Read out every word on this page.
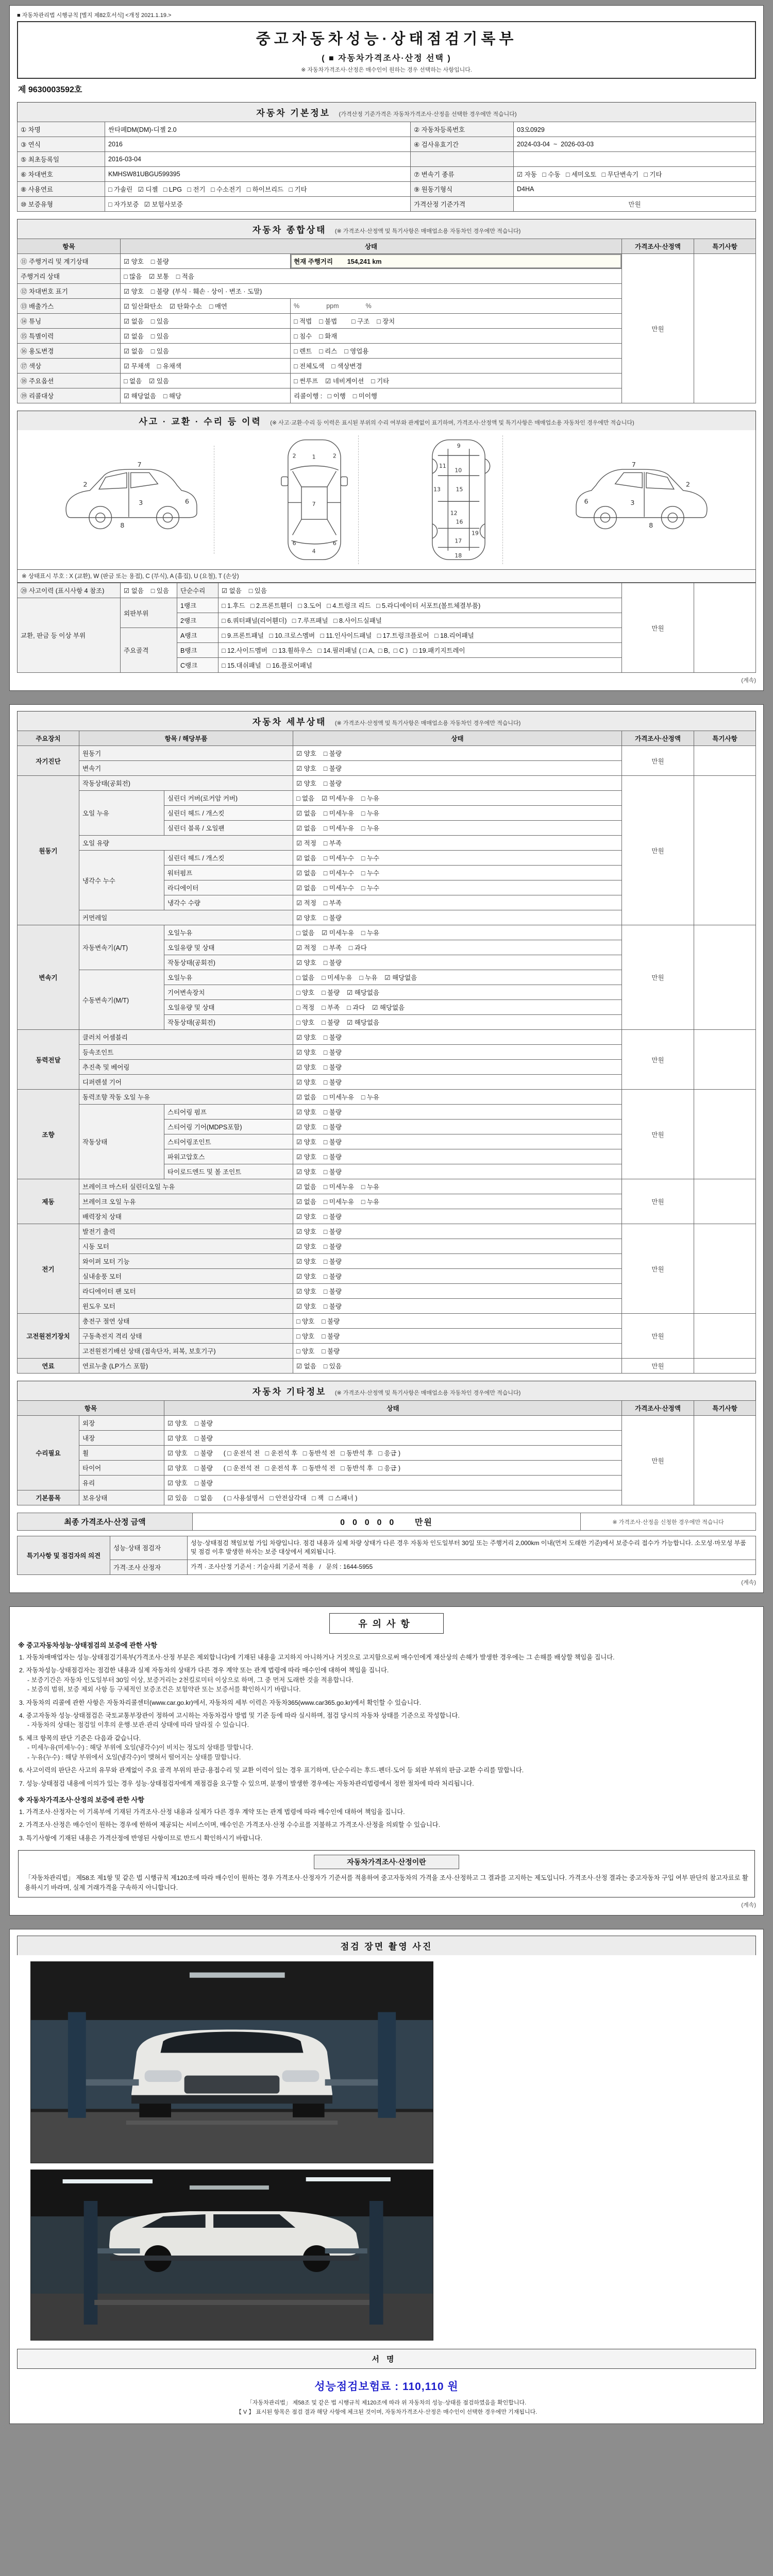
■ 자동차관리법 시행규칙 [별지 제82호서식] <개정 2021.1.19.>
중고자동차성능·상태점검기록부
( ■ 자동차가격조사·산정 선택 )
※ 자동차가격조사·산정은 매수인이 원하는 경우 선택하는 사항입니다.
제 9630003592호
자동차 기본정보 (가격산정 기준가격은 자동차가격조사·산정을 선택한 경우에만 적습니다)
① 차명	싼타페DM(DM)-디젤 2.0	② 자동차등록번호	03오0929
③ 연식	2016	④ 검사유효기간	2024-03-04  ~  2026-03-03
⑤ 최초등록일	2016-03-04		
⑥ 차대번호	KMHSW81UBGU599395	⑦ 변속기 종류	☑ 자동   □ 수동   □ 세미오토   □ 무단변속기   □ 기타
⑧ 사용연료	□ 가솔린   ☑ 디젤   □ LPG   □ 전기   □ 수소전기   □ 하이브리드   □ 기타	⑨ 원동기형식	D4HA
⑩ 보증유형	□ 자가보증   ☑ 보험사보증	가격산정 기준가격	만원
자동차 종합상태 (※ 가격조사·산정액 및 특기사항은 매매업소용 자동차인 경우에만 적습니다)
항목	상태		가격조사·산정액	특기사항
⑪ 주행거리 및 계기상태	☑ 양호    □ 불량	현재 주행거리        154,241 km	만원	
주행거리 상태	□ 많음    ☑ 보통    □ 적음			
⑫ 차대번호 표기	☑ 양호    □ 불량  (부식 · 훼손 · 상이 · 변조 · 도말)			
⑬ 배출가스	☑ 일산화탄소    ☑ 탄화수소    □ 매연	%               ppm               %		
⑭ 튜닝	☑ 없음    □ 있음	□ 적법    □ 불법        □ 구조    □ 장치		
⑮ 특별이력	☑ 없음    □ 있음	□ 침수    □ 화재		
⑯ 용도변경	☑ 없음    □ 있음	□ 렌트    □ 리스    □ 영업용		
⑰ 색상	☑ 무채색    □ 유채색	□ 전체도색    □ 색상변경		
⑱ 주요옵션	□ 없음    ☑ 있음	□ 썬루프    ☑ 네비게이션    □ 기타		
⑲ 리콜대상	☑ 해당없음    □ 해당	리콜이행 :   □ 이행    □ 미이행		
사고 · 교환 · 수리 등 이력 (※ 사고·교환·수리 등 이력은 표시된 부위의 수리 여부와 관계없이 표기하며, 가격조사·산정액 및 특기사항은 매매업소용 자동차인 경우에만 적습니다)
2
3	6
7
8
1
7
4
2	2
6	6
9
10
11
12
13	15
16
17
18
19
2
3
6
7
8
※ 상태표시 부호 : X (교환), W (판금 또는 용접), C (부식), A (흠집), U (요철), T (손상)
⑳ 사고이력 (표시사항 4 참조)	☑ 없음    □ 있음	단순수리	☑ 없음    □ 있음	만원	
교환, 판금 등 이상 부위	외판부위	1랭크	□ 1.후드   □ 2.프론트휀더   □ 3.도어   □ 4.트렁크 리드   □ 5.라디에이터 서포트(볼트체결부품)		
		2랭크	□ 6.쿼터패널(리어휀더)   □ 7.루프패널   □ 8.사이드실패널		
	주요골격	A랭크	□ 9.프론트패널   □ 10.크로스멤버   □ 11.인사이드패널   □ 17.트렁크플로어   □ 18.리어패널		
		B랭크	□ 12.사이드멤버   □ 13.휠하우스   □ 14.필러패널 ( □ A,  □ B,  □ C )   □ 19.패키지트레이		
		C랭크	□ 15.대쉬패널   □ 16.플로어패널		
(계속)
자동차 세부상태 (※ 가격조사·산정액 및 특기사항은 매매업소용 자동차인 경우에만 적습니다)
주요장치	항목 / 해당부품		상태	가격조사·산정액	특기사항
자기진단	원동기		☑ 양호    □ 불량	만원	
	변속기		☑ 양호    □ 불량		
원동기	작동상태(공회전)		☑ 양호    □ 불량	만원	
	오일 누유	실린더 커버(로커암 커버)	□ 없음    ☑ 미세누유    □ 누유		
		실린더 헤드 / 개스킷	☑ 없음    □ 미세누유    □ 누유		
		실린더 블록 / 오일팬	☑ 없음    □ 미세누유    □ 누유		
	오일 유량		☑ 적정    □ 부족		
	냉각수 누수	실린더 헤드 / 개스킷	☑ 없음    □ 미세누수    □ 누수		
		워터펌프	☑ 없음    □ 미세누수    □ 누수		
		라디에이터	☑ 없음    □ 미세누수    □ 누수		
		냉각수 수량	☑ 적정    □ 부족		
	커먼레일		☑ 양호    □ 불량		
변속기	자동변속기(A/T)	오일누유	□ 없음    ☑ 미세누유    □ 누유	만원	
		오일유량 및 상태	☑ 적정    □ 부족    □ 과다		
		작동상태(공회전)	☑ 양호    □ 불량		
	수동변속기(M/T)	오일누유	□ 없음    □ 미세누유    □ 누유    ☑ 해당없음		
		기어변속장치	□ 양호    □ 불량    ☑ 해당없음		
		오일유량 및 상태	□ 적정    □ 부족    □ 과다    ☑ 해당없음		
		작동상태(공회전)	□ 양호    □ 불량    ☑ 해당없음		
동력전달	클러치 어셈블리		☑ 양호    □ 불량	만원	
	등속조인트		☑ 양호    □ 불량		
	추진축 및 베어링		☑ 양호    □ 불량		
	디퍼렌셜 기어		☑ 양호    □ 불량		
조향	동력조향 작동 오일 누유		☑ 없음    □ 미세누유    □ 누유	만원	
	작동상태	스티어링 펌프	☑ 양호    □ 불량		
		스티어링 기어(MDPS포함)	☑ 양호    □ 불량		
		스티어링조인트	☑ 양호    □ 불량		
		파워고압호스	☑ 양호    □ 불량		
		타이로드엔드 및 볼 조인트	☑ 양호    □ 불량		
제동	브레이크 마스터 실린더오일 누유		☑ 없음    □ 미세누유    □ 누유	만원	
	브레이크 오일 누유		☑ 없음    □ 미세누유    □ 누유		
	배력장치 상태		☑ 양호    □ 불량		
전기	발전기 출력		☑ 양호    □ 불량	만원	
	시동 모터		☑ 양호    □ 불량		
	와이퍼 모터 기능		☑ 양호    □ 불량		
	실내송풍 모터		☑ 양호    □ 불량		
	라디에이터 팬 모터		☑ 양호    □ 불량		
	윈도우 모터		☑ 양호    □ 불량		
고전원전기장치	충전구 절연 상태		□ 양호    □ 불량	만원	
	구동축전지 격리 상태		□ 양호    □ 불량		
	고전원전기배선 상태 (접속단자, 피복, 보호기구)		□ 양호    □ 불량		
연료	연료누출 (LP가스 포함)		☑ 없음    □ 있음	만원	
자동차 기타정보 (※ 가격조사·산정액 및 특기사항은 매매업소용 자동차인 경우에만 적습니다)
항목		상태	가격조사·산정액	특기사항
수리필요	외장	☑ 양호    □ 불량	만원	
	내장	☑ 양호    □ 불량		
	휠	☑ 양호    □ 불량      ( □ 운전석 전   □ 운전석 후   □ 동반석 전   □ 동반석 후   □ 응급 )		
	타이어	☑ 양호    □ 불량      ( □ 운전석 전   □ 운전석 후   □ 동반석 전   □ 동반석 후   □ 응급 )		
	유리	☑ 양호    □ 불량		
기본품목	보유상태	☑ 있음    □ 없음      ( □ 사용설명서   □ 안전삼각대   □ 잭   □ 스패너 )		
최종 가격조사·산정 금액	0  0  0  0  0      만원	※ 가격조사·산정을 신청한 경우에만 적습니다
특기사항 및 점검자의 의견	성능·상태 점검자	성능·상태점검 책임보험 가입 차량입니다. 점검 내용과 실제 차량 상태가 다른 경우 자동차 인도일부터 30일 또는 주행거리 2,000km 이내(먼저 도래한 기준)에서 보증수리 접수가 가능합니다. 소모성·마모성 부품 및 점검 이후 발생한 하자는 보증 대상에서 제외됩니다.
	가격·조사 산정자	가격 · 조사산정 기준서 : 기술사회 기준서 적용   /   문의 : 1644-5955
(계속)
유의사항
※ 중고자동차성능·상태점검의 보증에 관한 사항
1. 자동차매매업자는 성능·상태점검기록부(가격조사·산정 부분은 제외합니다)에 기재된 내용을 고지하지 아니하거나 거짓으로 고지함으로써 매수인에게 재산상의 손해가 발생한 경우에는 그 손해를 배상할 책임을 집니다.
2. 자동차성능·상태점검자는 점검한 내용과 실제 자동차의 상태가 다른 경우 계약 또는 관계 법령에 따라 매수인에 대하여 책임을 집니다.
- 보증기간은 자동차 인도일부터 30일 이상, 보증거리는 2천킬로미터 이상으로 하며, 그 중 먼저 도래한 것을 적용합니다.
- 보증의 범위, 보증 제외 사항 등 구체적인 보증조건은 보험약관 또는 보증서를 확인하시기 바랍니다.
3. 자동차의 리콜에 관한 사항은 자동차리콜센터(www.car.go.kr)에서, 자동차의 세부 이력은 자동차365(www.car365.go.kr)에서 확인할 수 있습니다.
4. 중고자동차 성능·상태점검은 국토교통부장관이 정하여 고시하는 자동차검사 방법 및 기준 등에 따라 실시하며, 점검 당시의 자동차 상태를 기준으로 작성합니다.
- 자동차의 상태는 점검일 이후의 운행·보관·관리 상태에 따라 달라질 수 있습니다.
5. 체크 항목의 판단 기준은 다음과 같습니다.
- 미세누유(미세누수) : 해당 부위에 오일(냉각수)이 비치는 정도의 상태를 말합니다.
- 누유(누수) : 해당 부위에서 오일(냉각수)이 맺혀서 떨어지는 상태를 말합니다.
6. 사고이력의 판단은 사고의 유무와 관계없이 주요 골격 부위의 판금·용접수리 및 교환 이력이 있는 경우 표기하며, 단순수리는 후드·펜더·도어 등 외판 부위의 판금·교환 수리를 말합니다.
7. 성능·상태점검 내용에 이의가 있는 경우 성능·상태점검자에게 재점검을 요구할 수 있으며, 분쟁이 발생한 경우에는 자동차관리법령에서 정한 절차에 따라 처리됩니다.
※ 자동차가격조사·산정의 보증에 관한 사항
1. 가격조사·산정자는 이 기록부에 기재된 가격조사·산정 내용과 실제가 다른 경우 계약 또는 관계 법령에 따라 매수인에 대하여 책임을 집니다.
2. 가격조사·산정은 매수인이 원하는 경우에 한하여 제공되는 서비스이며, 매수인은 가격조사·산정 수수료를 지불하고 가격조사·산정을 의뢰할 수 있습니다.
3. 특기사항에 기재된 내용은 가격산정에 반영된 사항이므로 반드시 확인하시기 바랍니다.
자동차가격조사·산정이란
「자동차관리법」 제58조 제1항 및 같은 법 시행규칙 제120조에 따라 매수인이 원하는 경우 가격조사·산정자가 기준서를 적용하여 중고자동차의 가격을 조사·산정하고 그 결과를 고지하는 제도입니다. 가격조사·산정 결과는 중고자동차 구입 여부 판단의 참고자료로 활용하시기 바라며, 실제 거래가격을 구속하지 아니합니다.
(계속)
점검 장면 촬영 사진
서명
성능점검보험료 : 110,110 원
「자동차관리법」 제58조 및 같은 법 시행규칙 제120조에 따라 위 자동차의 성능·상태를 점검하였음을 확인합니다.
【 V 】 표시된 항목은 점검 결과 해당 사항에 체크된 것이며, 자동차가격조사·산정은 매수인이 선택한 경우에만 기재됩니다.
